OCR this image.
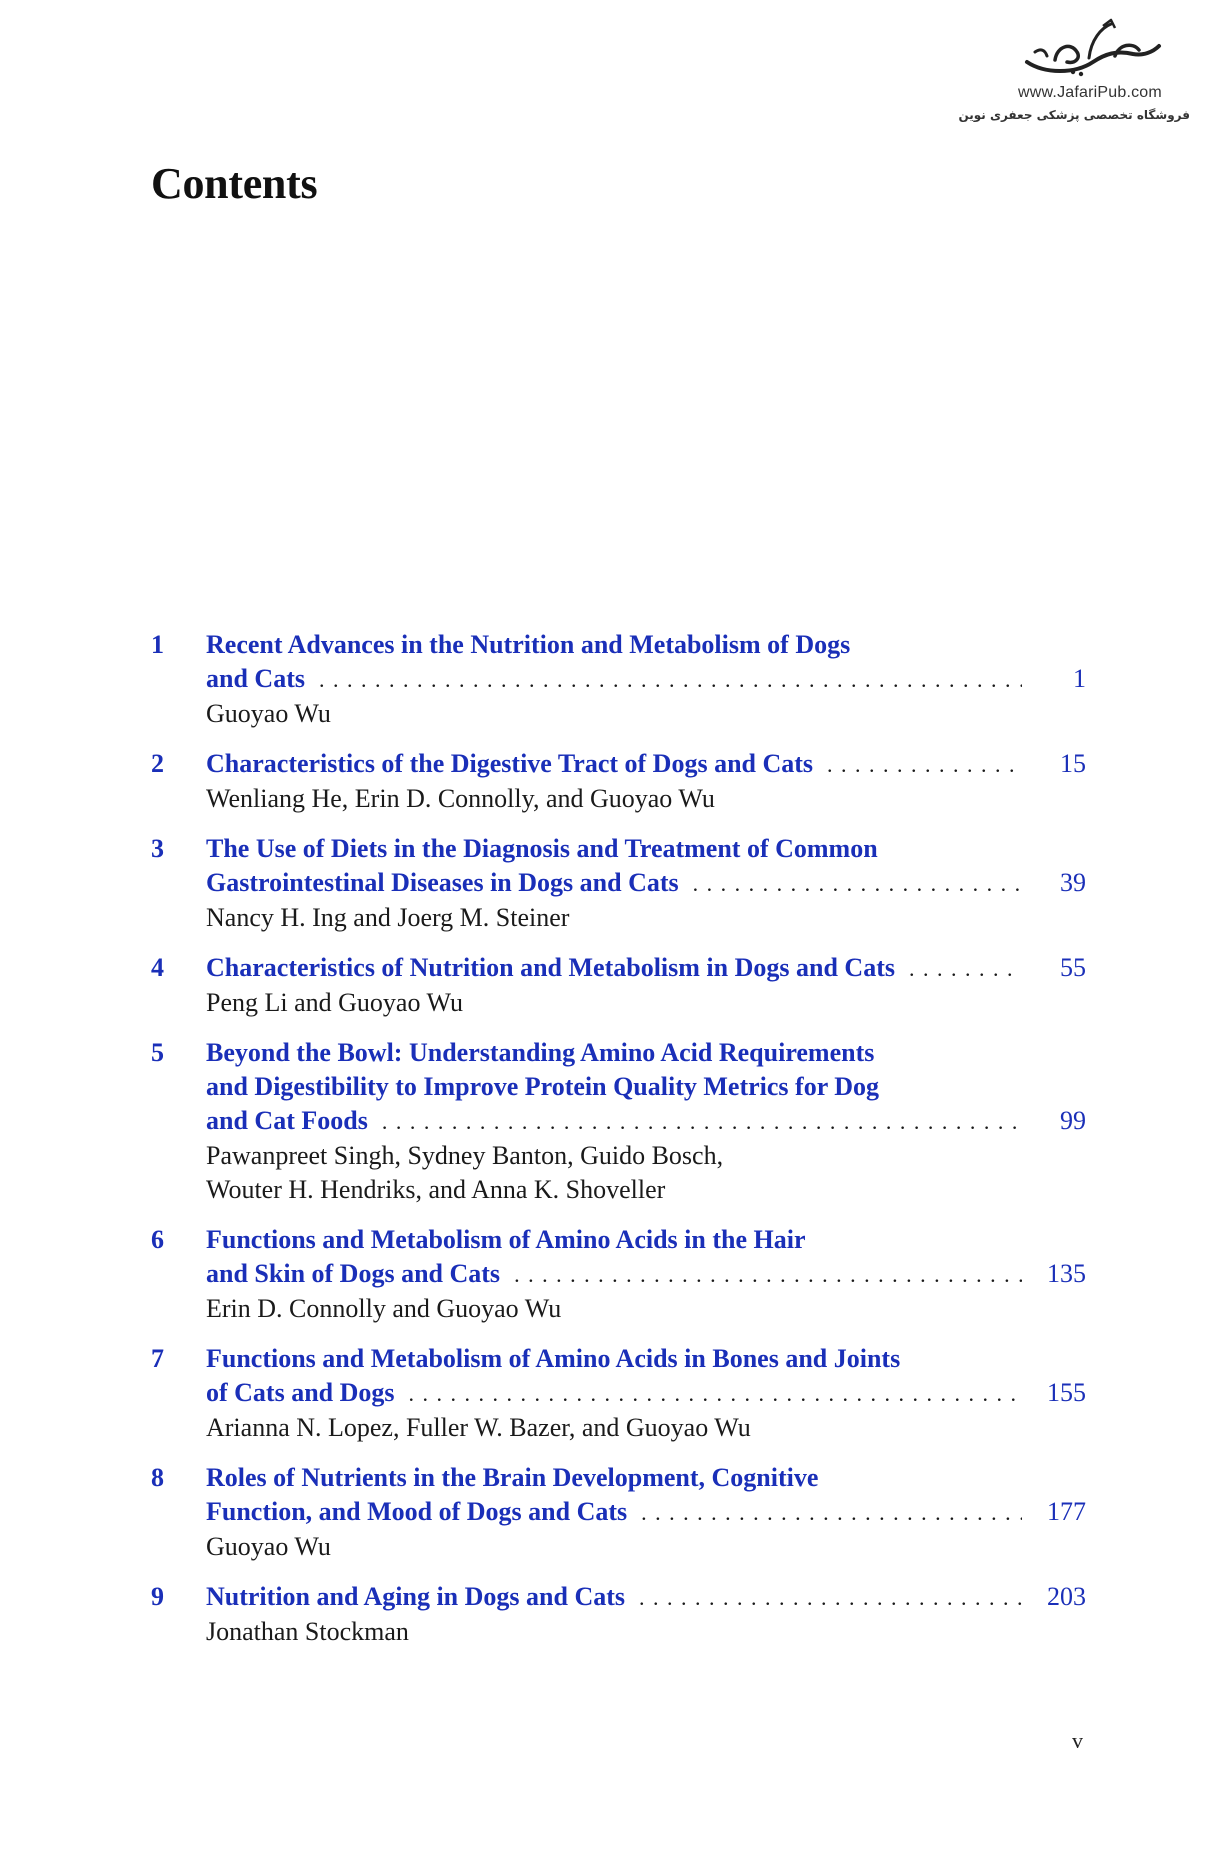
www.JafariPub.com
فروشگاه تخصصی پزشکی جعفری نوین
Contents
1	Recent Advances in the Nutrition and Metabolism of Dogs
and Cats . . .	1
Guoyao Wu
2	Characteristics of the Digestive Tract of Dogs and Cats . . .	15
Wenliang He, Erin D. Connolly, and Guoyao Wu
3	The Use of Diets in the Diagnosis and Treatment of Common
Gastrointestinal Diseases in Dogs and Cats . . .	39
Nancy H. Ing and Joerg M. Steiner
4	Characteristics of Nutrition and Metabolism in Dogs and Cats . . .	55
Peng Li and Guoyao Wu
5	Beyond the Bowl: Understanding Amino Acid Requirements
and Digestibility to Improve Protein Quality Metrics for Dog
and Cat Foods . . .	99
Pawanpreet Singh, Sydney Banton, Guido Bosch,
Wouter H. Hendriks, and Anna K. Shoveller
6	Functions and Metabolism of Amino Acids in the Hair
and Skin of Dogs and Cats . . .	135
Erin D. Connolly and Guoyao Wu
7	Functions and Metabolism of Amino Acids in Bones and Joints
of Cats and Dogs . . .	155
Arianna N. Lopez, Fuller W. Bazer, and Guoyao Wu
8	Roles of Nutrients in the Brain Development, Cognitive
Function, and Mood of Dogs and Cats . . .	177
Guoyao Wu
9	Nutrition and Aging in Dogs and Cats . . .	203
Jonathan Stockman
v
